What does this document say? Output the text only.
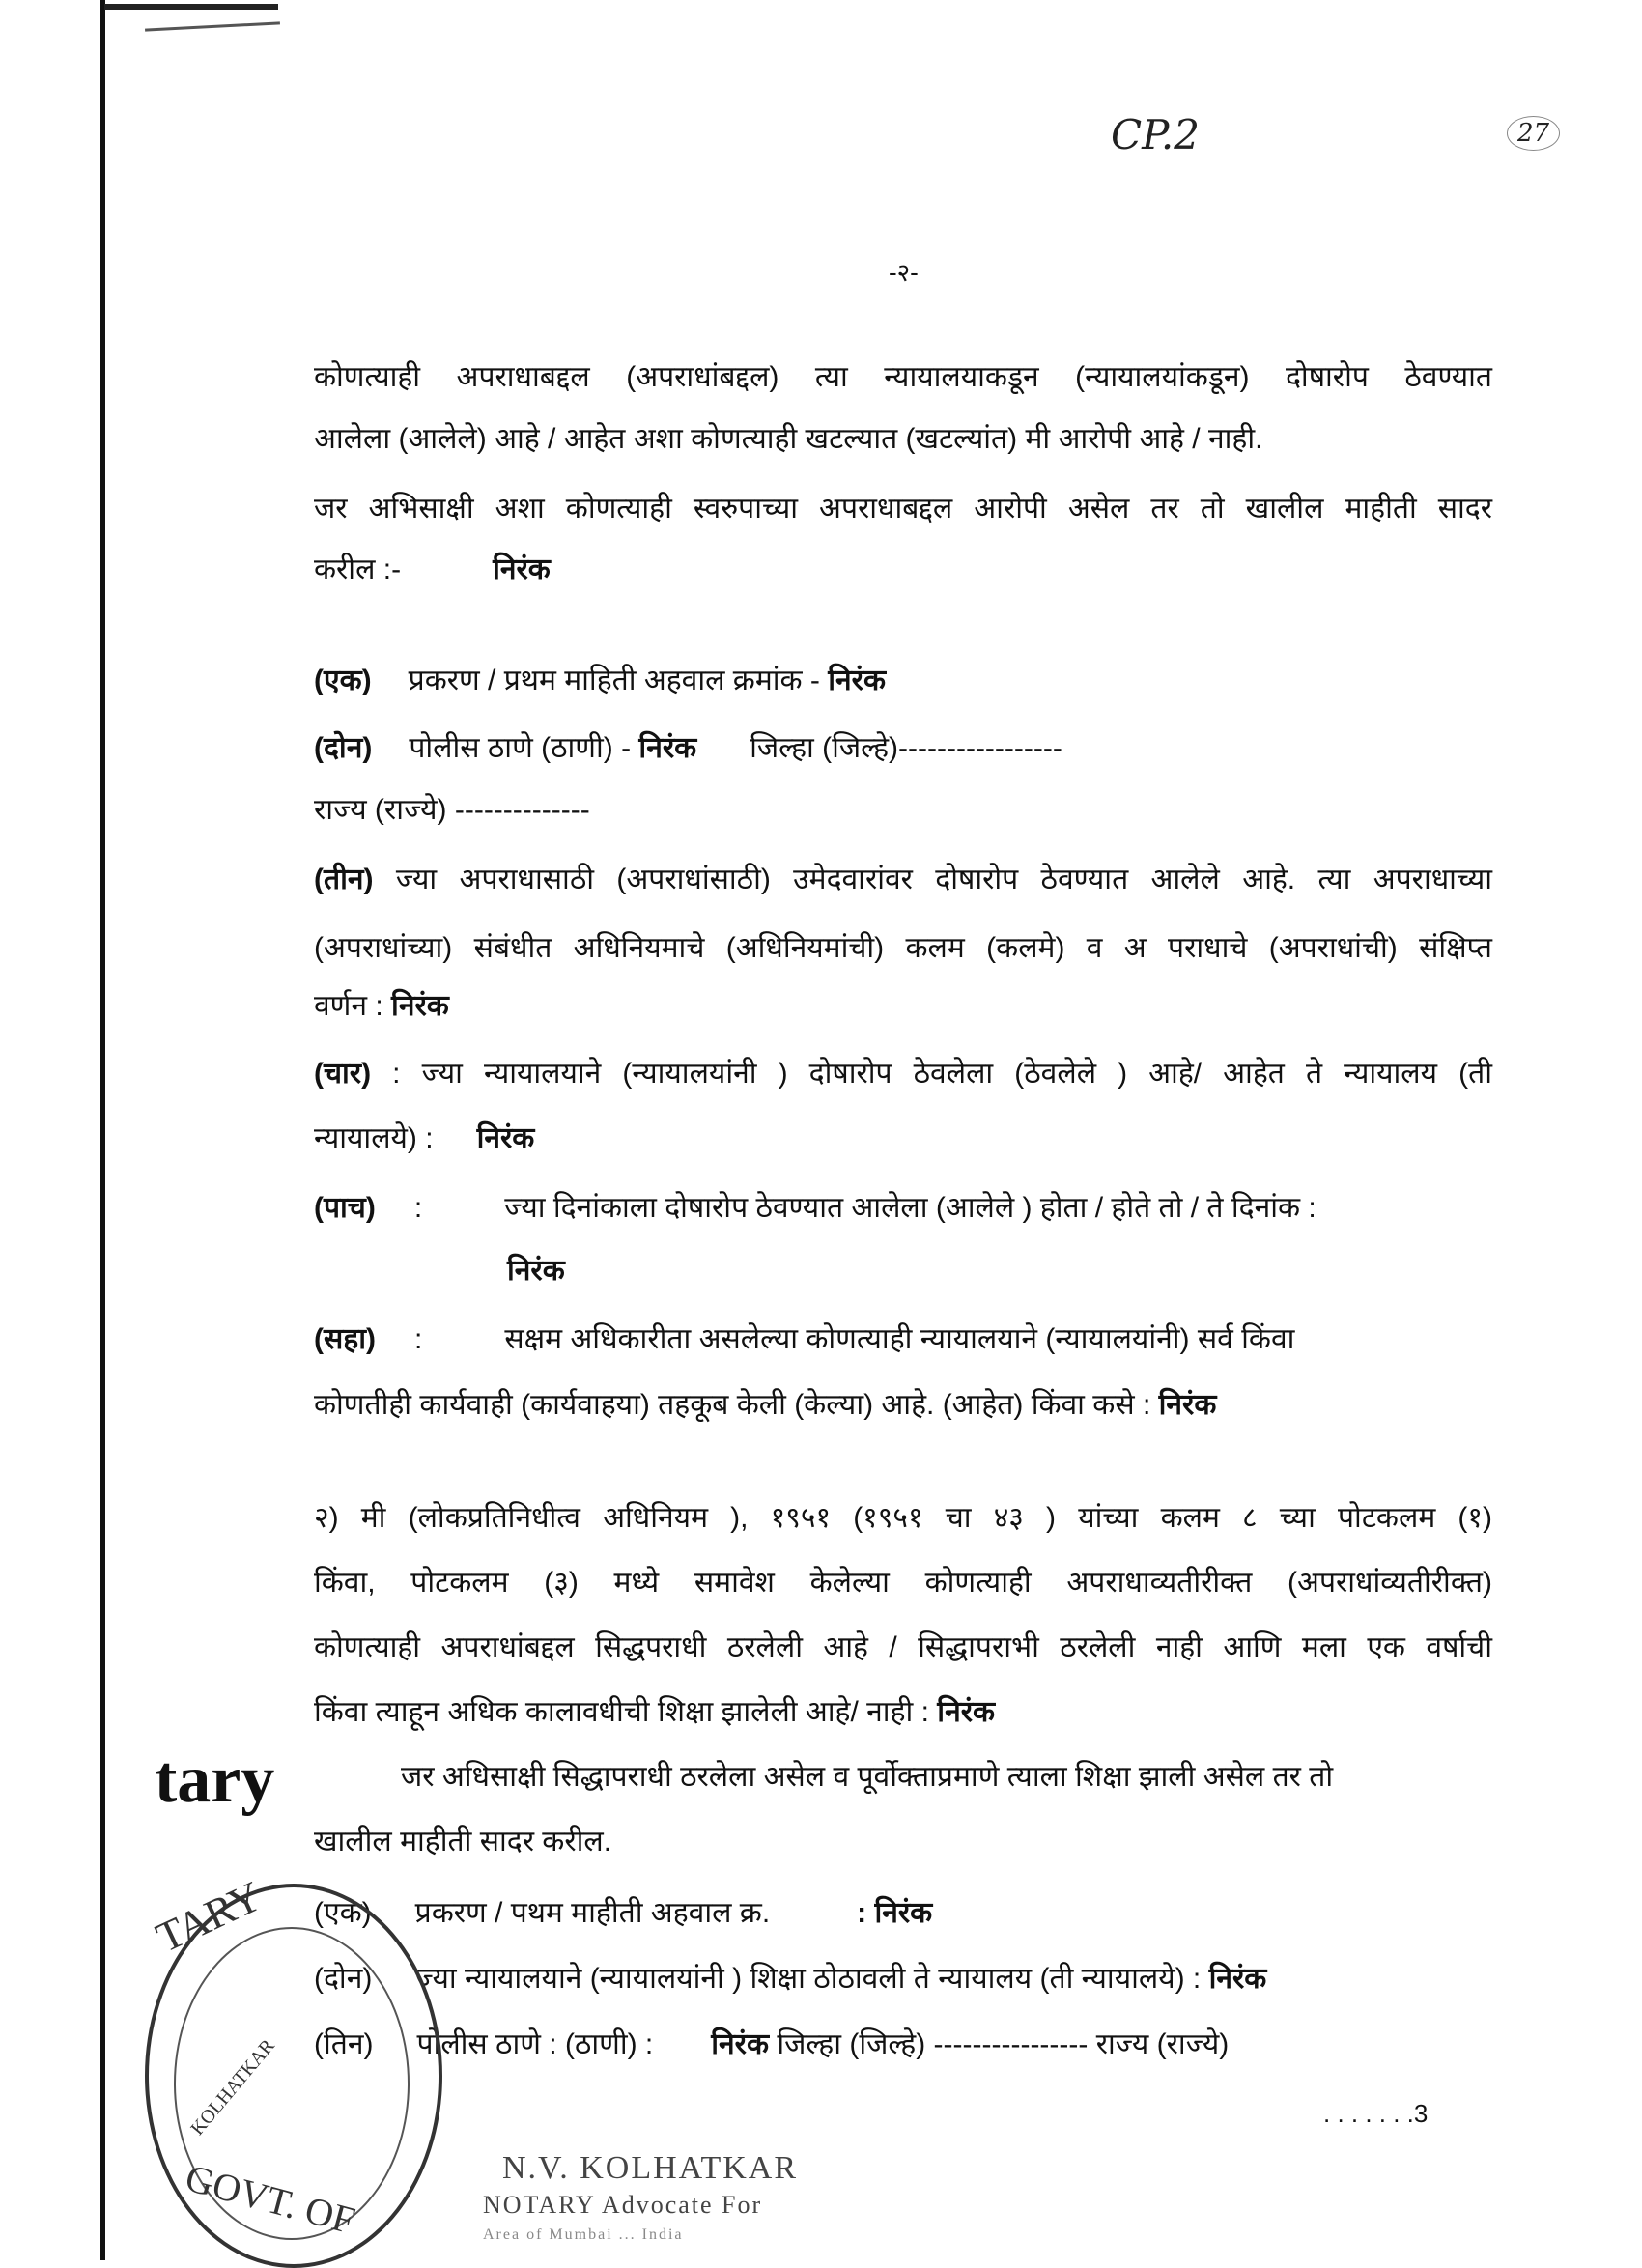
CP.2	27
-२-
कोणत्याही अपराधाबद्दल (अपराधांबद्दल) त्या न्यायालयाकडून (न्यायालयांकडून) दोषारोप ठेवण्यात
आलेला (आलेले) आहे / आहेत अशा कोणत्याही खटल्यात (खटल्यांत) मी आरोपी आहे / नाही.
जर अभिसाक्षी अशा कोणत्याही स्वरुपाच्या अपराधाबद्दल आरोपी असेल तर तो खालील माहीती सादर
करील :-	निरंक
(एक) प्रकरण / प्रथम माहिती अहवाल क्रमांक - निरंक
(दोन) पोलीस ठाणे (ठाणी) - निरंक जिल्हा (जिल्हे)-----------------
राज्य (राज्ये) --------------
(तीन) ज्या अपराधासाठी (अपराधांसाठी) उमेदवारांवर दोषारोप ठेवण्यात आलेले आहे. त्या अपराधाच्या
(अपराधांच्या) संबंधीत अधिनियमाचे (अधिनियमांची) कलम (कलमे) व अ पराधाचे (अपराधांची) संक्षिप्त
वर्णन : निरंक
(चार) : ज्या न्यायालयाने (न्यायालयांनी ) दोषारोप ठेवलेला (ठेवलेले ) आहे/ आहेत ते न्यायालय (ती
न्यायालये) : निरंक
(पाच) :	ज्या दिनांकाला दोषारोप ठेवण्यात आलेला (आलेले ) होता / होते तो / ते दिनांक :
निरंक
(सहा) :	सक्षम अधिकारीता असलेल्या कोणत्याही न्यायालयाने (न्यायालयांनी) सर्व किंवा
कोणतीही कार्यवाही (कार्यवाहया) तहकूब केली (केल्या) आहे. (आहेत) किंवा कसे : निरंक
२) मी (लोकप्रतिनिधीत्व अधिनियम ), १९५१ (१९५१ चा ४३ ) यांच्या कलम ८ च्या पोटकलम (१)
किंवा, पोटकलम (३) मध्ये समावेश केलेल्या कोणत्याही अपराधाव्यतीरीक्त (अपराधांव्यतीरीक्त)
कोणत्याही अपराधांबद्दल सिद्धपराधी ठरलेली आहे / सिद्धापराभी ठरलेली नाही आणि मला एक वर्षाची
किंवा त्याहून अधिक कालावधीची शिक्षा झालेली आहे/ नाही : निरंक
जर अधिसाक्षी सिद्धापराधी ठरलेला असेल व पूर्वोक्ताप्रमाणे त्याला शिक्षा झाली असेल तर तो
खालील माहीती सादर करील.
tary
(एक) प्रकरण / पथम माहीती अहवाल क्र.	: निरंक
(दोन) ज्या न्यायालयाने (न्यायालयांनी ) शिक्षा ठोठावली ते न्यायालय (ती न्यायालये) : निरंक
(तिन) पोलीस ठाणे : (ठाणी) : निरंक जिल्हा (जिल्हे) ---------------- राज्य (राज्ये)
. . . . . . .3
TARY
GOVT. OF
KOLHATKAR
N.V. KOLHATKAR
NOTARY Advocate For
Area of Mumbai ... India
